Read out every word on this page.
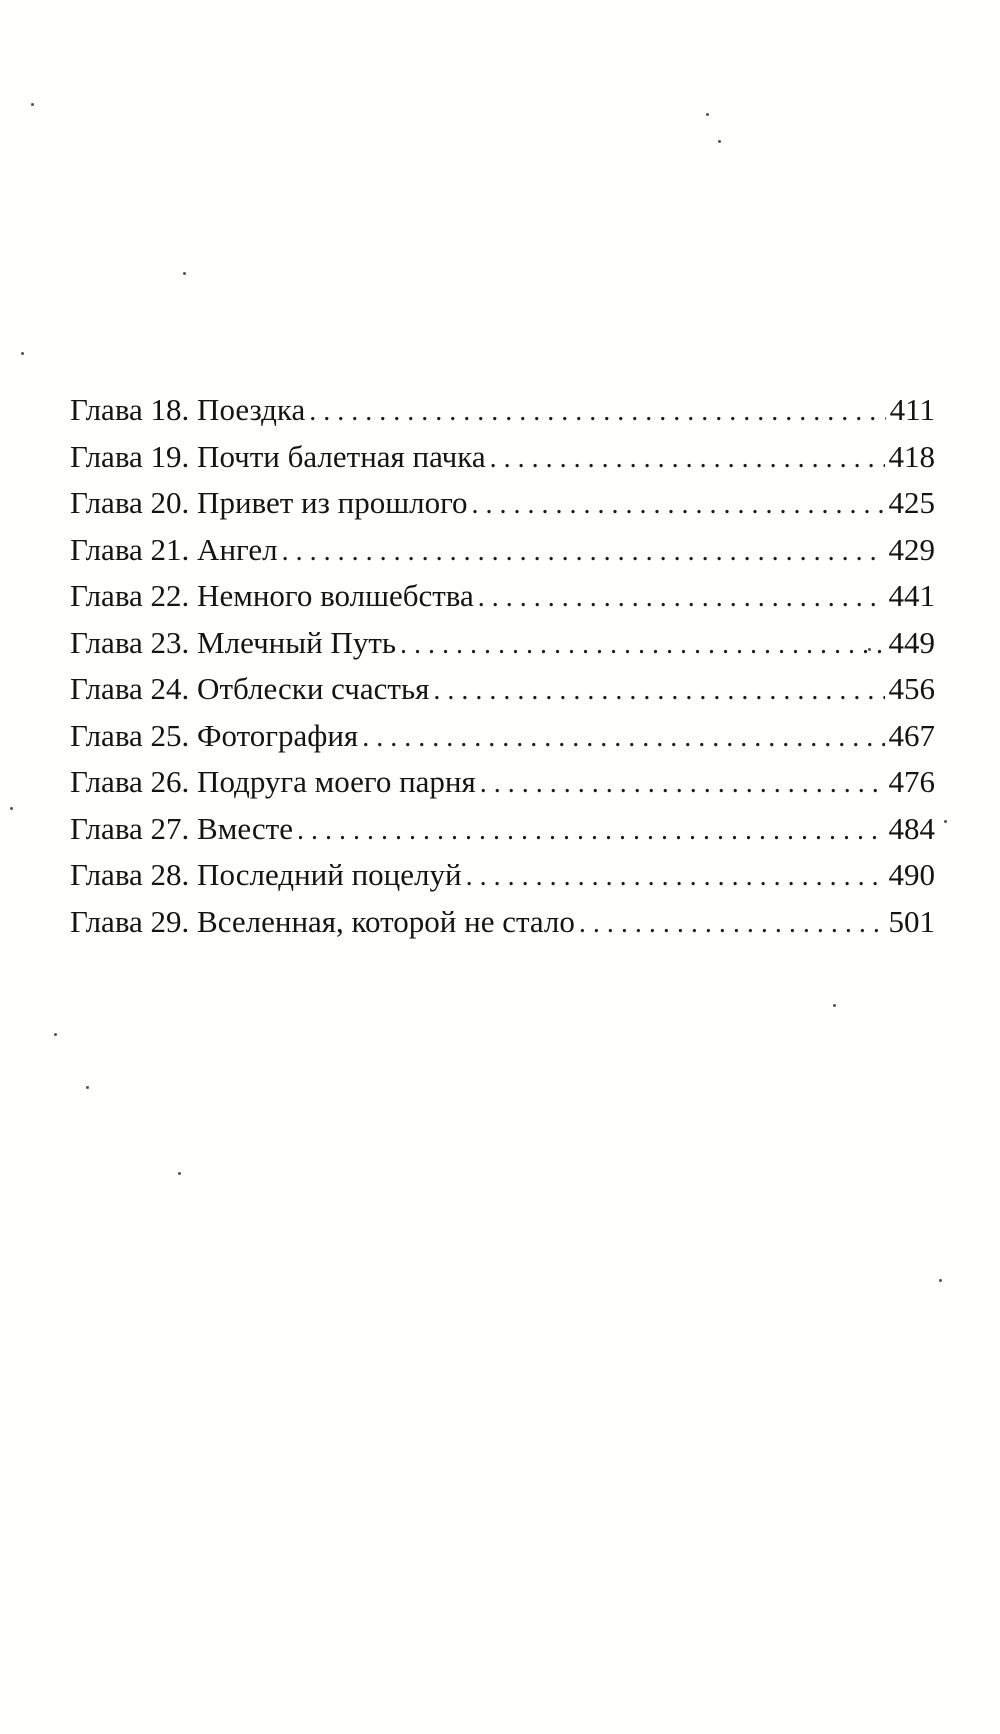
Глава 18. Поездка . . .	411
Глава 19. Почти балетная пачка . . .	418
Глава 20. Привет из прошлого . . .	425
Глава 21. Ангел . . .	429
Глава 22. Немного волшебства . . .	441
Глава 23. Млечный Путь . . .	449
Глава 24. Отблески счастья . . .	456
Глава 25. Фотография . . .	467
Глава 26. Подруга моего парня . . .	476
Глава 27. Вместе . . .	484
Глава 28. Последний поцелуй . . .	490
Глава 29. Вселенная, которой не стало . . .	501
